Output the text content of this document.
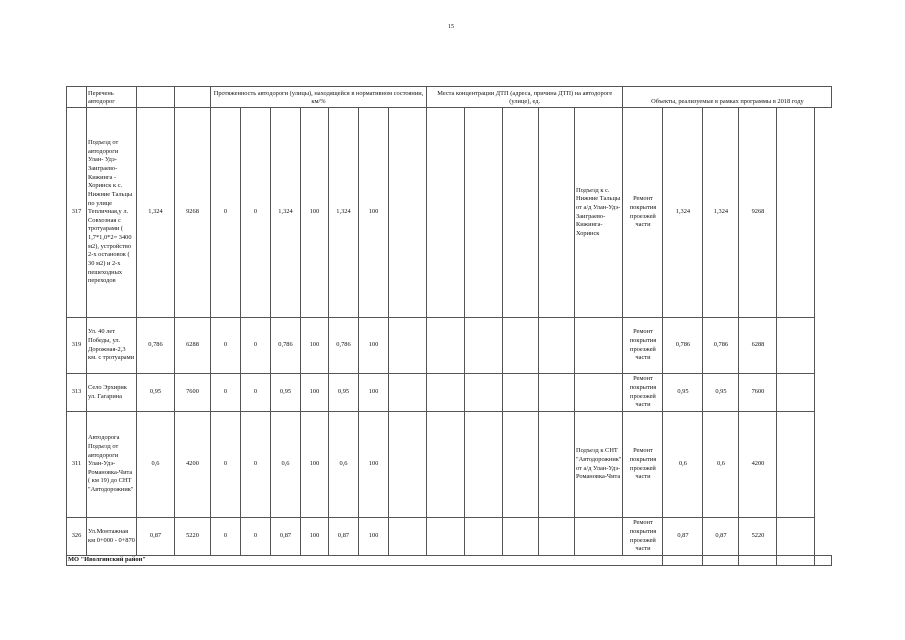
15
	Перечень автодорог			Протяженность автодороги (улицы), находящейся в нормативном состоянии, км/%							Места концентрации ДТП (адреса, причина ДТП) на автодороге (улице), ед.					Объекты, реализуемые в рамках программы в 2018 году					
317	Подъезд от автодороги Улан- Удэ-Заиграево-Кижинга - Хоринск к с. Нижние Тальцы по улице Тепличная,у л. Совхозная с тротуарами ( 1,7*1,0*2= 3400 м2), устройство 2-х остановок ( 30 м2) и 2-х пешеходных переходов	1,324	9268	0	0	1,324	100	1,324	100						Подъезд к с. Нижние Тальцы от а/д Улан-Удэ-Заиграево-Кижинга-Хоринск	Ремонт покрытия проезжей части	1,324	1,324	9268		
319	Ул. 40 лет Победы, ул. Дорожная-2,3 км. с тротуарами	0,786	6288	0	0	0,786	100	0,786	100							Ремонт покрытия проезжей части	0,786	0,786	6288		
313	Село Эрхирик ул. Гагарина	0,95	7600	0	0	0,95	100	0,95	100							Ремонт покрытия проезжей части	0,95	0,95	7600		
311	Автодорога Подъезд от автодороги Улан-Удэ-Романовка-Чита ( км 19) до СНТ "Автодорожник"	0,6	4200	0	0	0,6	100	0,6	100						Подъезд к СНТ "Автодорожник" от а/д Улан-Удэ-Романовка-Чита	Ремонт покрытия проезжей части	0,6	0,6	4200		
326	Ул.Монтажная км 0+000 - 0+870	0,87	5220	0	0	0,87	100	0,87	100							Ремонт покрытия проезжей части	0,87	0,87	5220		
МО "Иволгинский район"																					
